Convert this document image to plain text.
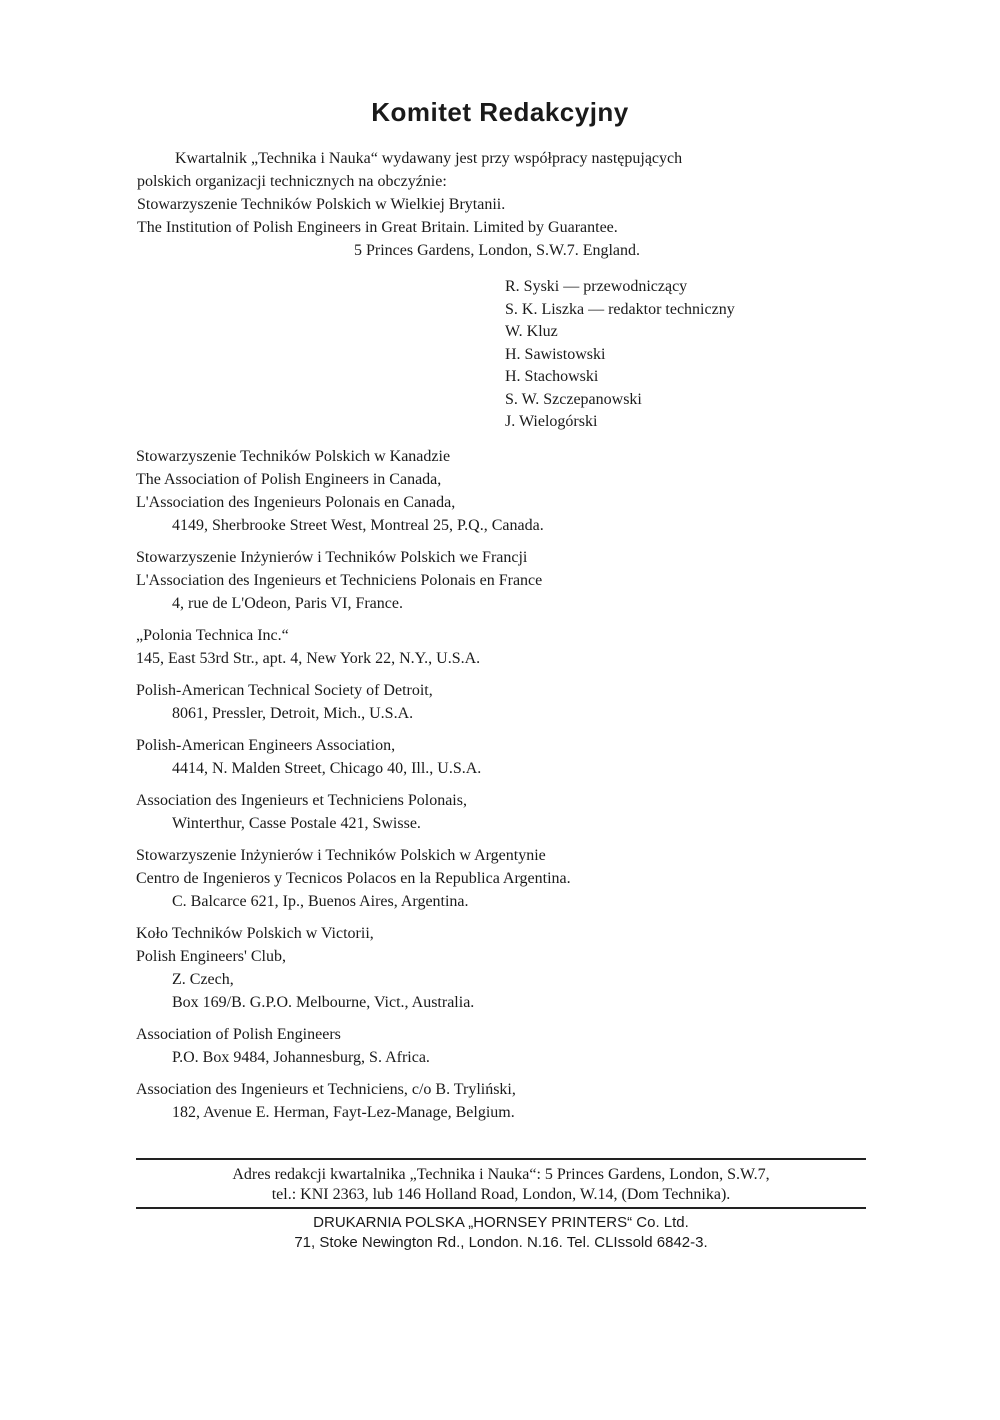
Komitet Redakcyjny
Kwartalnik „Technika i Nauka“ wydawany jest przy współpracy następujących
polskich organizacji technicznych na obczyźnie:
Stowarzyszenie Techników Polskich w Wielkiej Brytanii.
The Institution of Polish Engineers in Great Britain. Limited by Guarantee.
5 Princes Gardens, London, S.W.7. England.
R. Syski — przewodniczący
S. K. Liszka — redaktor techniczny
W. Kluz
H. Sawistowski
H. Stachowski
S. W. Szczepanowski
J. Wielogórski
Stowarzyszenie Techników Polskich w Kanadzie
The Association of Polish Engineers in Canada,
L'Association des Ingenieurs Polonais en Canada,
4149, Sherbrooke Street West, Montreal 25, P.Q., Canada.
Stowarzyszenie Inżynierów i Techników Polskich we Francji
L'Association des Ingenieurs et Techniciens Polonais en France
4, rue de L'Odeon, Paris VI, France.
„Polonia Technica Inc.“
145, East 53rd Str., apt. 4, New York 22, N.Y., U.S.A.
Polish-American Technical Society of Detroit,
8061, Pressler, Detroit, Mich., U.S.A.
Polish-American Engineers Association,
4414, N. Malden Street, Chicago 40, Ill., U.S.A.
Association des Ingenieurs et Techniciens Polonais,
Winterthur, Casse Postale 421, Swisse.
Stowarzyszenie Inżynierów i Techników Polskich w Argentynie
Centro de Ingenieros y Tecnicos Polacos en la Republica Argentina.
C. Balcarce 621, Ip., Buenos Aires, Argentina.
Koło Techników Polskich w Victorii,
Polish Engineers' Club,
Z. Czech,
Box 169/B. G.P.O. Melbourne, Vict., Australia.
Association of Polish Engineers
P.O. Box 9484, Johannesburg, S. Africa.
Association des Ingenieurs et Techniciens, c/o B. Tryliński,
182, Avenue E. Herman, Fayt-Lez-Manage, Belgium.
Adres redakcji kwartalnika „Technika i Nauka“: 5 Princes Gardens, London, S.W.7,
tel.: KNI 2363, lub 146 Holland Road, London, W.14, (Dom Technika).
DRUKARNIA POLSKA „HORNSEY PRINTERS“ Co. Ltd.
71, Stoke Newington Rd., London. N.16. Tel. CLIssold 6842-3.
